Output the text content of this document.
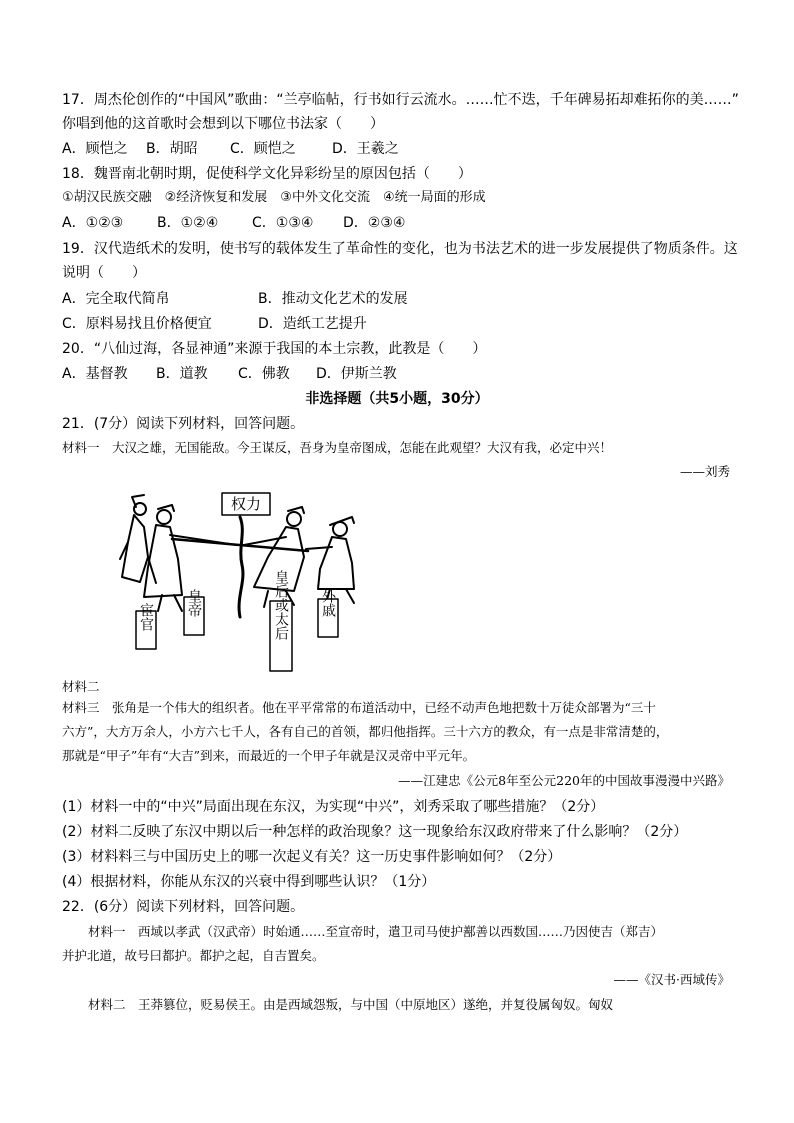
17．周杰伦创作的“中国风”歌曲：“兰亭临帖，行书如行云流水。……忙不迭，千年碑易拓却难拓你的美……”
你唱到他的这首歌时会想到以下哪位书法家（　　）
A．顾恺之 B．胡昭 C．顾恺之	D．王羲之
18．魏晋南北朝时期，促使科学文化异彩纷呈的原因包括（　　）
①胡汉民族交融　②经济恢复和发展　③中外文化交流　④统一局面的形成
A．①②③ B．①②④ C．①③④ D．②③④
19．汉代造纸术的发明，使书写的载体发生了革命性的变化，也为书法艺术的进一步发展提供了物质条件。这
说明（　　）
A．完全取代简帛	B．推动文化艺术的发展
C．原料易找且价格便宜	D．造纸工艺提升
20．“八仙过海，各显神通”来源于我国的本土宗教，此教是（　　）
A．基督教 B．道教 C．佛教 D．伊斯兰教
非选择题（共5小题，30分）
21．(7分）阅读下列材料，回答问题。
材料一　大汉之雄，无国能敌。今王谋反，吾身为皇帝图成，怎能在此观望？大汉有我，必定中兴！
——刘秀
权力
宦官 皇帝	皇后或太后 外戚
材料二
材料三　张角是一个伟大的组织者。他在平平常常的布道活动中，已经不动声色地把数十万徒众部署为“三十
六方”，大方万余人，小方六七千人，各有自己的首领，都归他指挥。三十六方的教众，有一点是非常清楚的，
那就是“甲子”年有“大吉”到来，而最近的一个甲子年就是汉灵帝中平元年。
——江建忠《公元8年至公元220年的中国故事漫漫中兴路》
(1）材料一中的“中兴”局面出现在东汉，为实现“中兴”，刘秀采取了哪些措施？（2分）
(2）材料二反映了东汉中期以后一种怎样的政治现象？这一现象给东汉政府带来了什么影响？（2分）
(3）材料料三与中国历史上的哪一次起义有关？这一历史事件影响如何？（2分）
(4）根据材料，你能从东汉的兴衰中得到哪些认识？（1分）
22．(6分）阅读下列材料，回答问题。
材料一　西域以孝武（汉武帝）时始通……至宣帝时，遣卫司马使护鄯善以西数国……乃因使吉（郑吉）
并护北道，故号曰都护。都护之起，自吉置矣。
——《汉书·西域传》
材料二　王莽篡位，贬易侯王。由是西域怨叛，与中国（中原地区）遂绝，并复役属匈奴。匈奴
